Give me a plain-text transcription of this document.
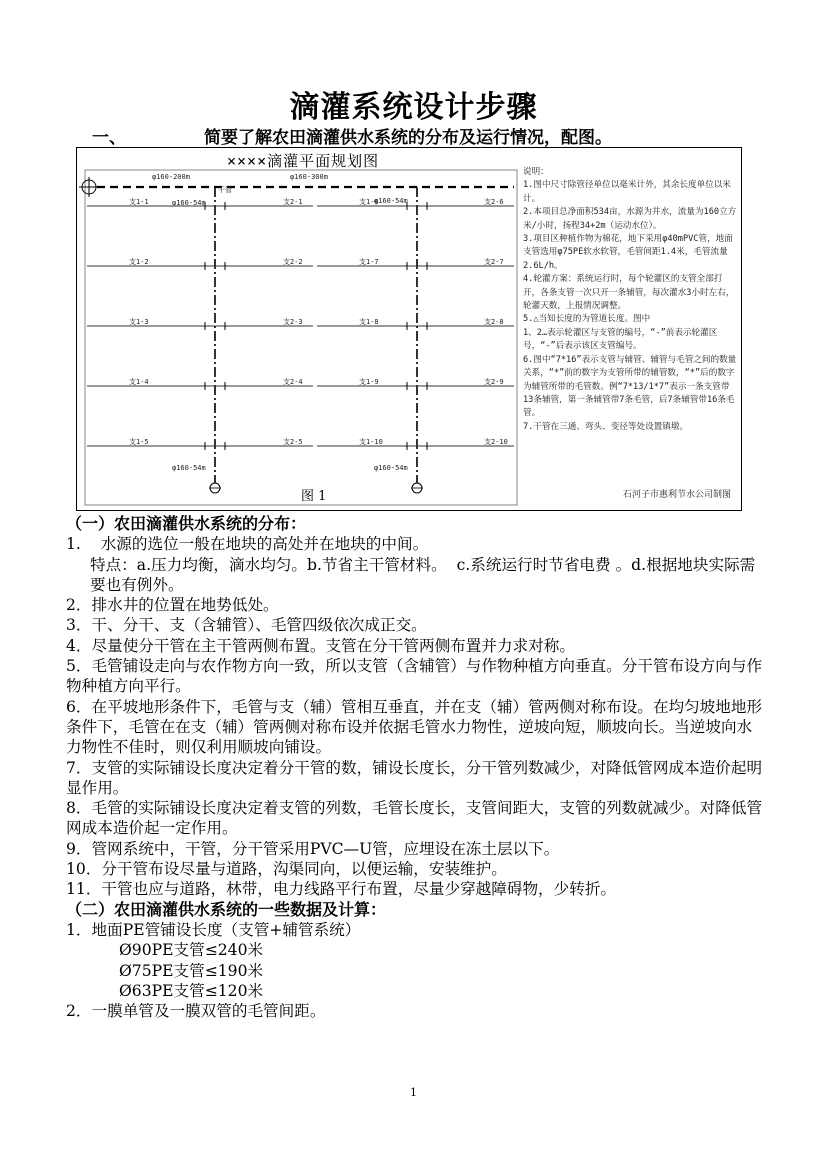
滴灌系统设计步骤
一、	简要了解农田滴灌供水系统的分布及运行情况，配图。
φ160-200m	φ160-300m
干管
φ160-54m	φ160-54m
φ160-54m	φ160-54m
支1-1	支2-1
支1-2	支2-2
支1-3	支2-3
支1-4	支2-4
支1-5	支2-5
支1-6	支2-6
支1-7	支2-7
支1-8	支2-8
支1-9	支2-9
支1-10	支2-10
图 1
××××滴灌平面规划图

说明：

1.图中尺寸除管径单位以毫米计外，其余长度单位以米计。

2.本项目总净面积534亩，水源为井水，流量为160立方米/小时，扬程34+2m（运动水位）。

3.项目区种植作物为棉花，地下采用φ40mPVC管，地面支管选用φ75PE软水软管，毛管间距1.4米，毛管流量2.6L/h。

4.轮灌方案：系统运行时，每个轮灌区的支管全部打开，各条支管一次只开一条辅管，每次灌水3小时左右，轮灌天数，上报情况调整。

5.△当知长度的为管道长度。图中

1、2…表示轮灌区与支管的编号，“-”前表示轮灌区号，“-”后表示该区支管编号。

6.图中“7*16”表示支管与辅管、辅管与毛管之间的数量关系，“*”前的数字为支管所带的辅管数，“*”后的数字为辅管所带的毛管数。例“7*13/1*7”表示一条支管带13条辅管，第一条辅管带7条毛管，后7条辅管带16条毛管。

7.干管在三通、弯头、变径等处设置镇墩。

石河子市惠利节水公司制图

（一）农田滴灌供水系统的分布：

1.    水源的选位一般在地块的高处并在地块的中间。

特点：a.压力均衡，滴水均匀。b.节省主干管材料。  c.系统运行时节省电费 。d.根据地块实际需要也有例外。

2．排水井的位置在地势低处。

3．干、分干、支（含辅管）、毛管四级依次成正交。

4．尽量使分干管在主干管两侧布置。支管在分干管两侧布置并力求对称。

5．毛管铺设走向与农作物方向一致，所以支管（含辅管）与作物种植方向垂直。分干管布设方向与作物种植方向平行。

6．在平坡地形条件下，毛管与支（辅）管相互垂直，并在支（辅）管两侧对称布设。在均匀坡地地形条件下，毛管在在支（辅）管两侧对称布设并依据毛管水力物性，逆坡向短，顺坡向长。当逆坡向水力物性不佳时，则仅利用顺坡向铺设。

7．支管的实际铺设长度决定着分干管的数，铺设长度长，分干管列数减少，对降低管网成本造价起明显作用。

8．毛管的实际铺设长度决定着支管的列数，毛管长度长，支管间距大，支管的列数就减少。对降低管网成本造价起一定作用。

9．管网系统中，干管，分干管采用PVC—U管，应埋设在冻土层以下。

10．分干管布设尽量与道路，沟渠同向，以便运输，安装维护。

11．干管也应与道路，林带，电力线路平行布置，尽量少穿越障碍物，少转折。

（二）农田滴灌供水系统的一些数据及计算：

1．地面PE管铺设长度（支管+辅管系统）

Ø90PE支管≤240米

Ø75PE支管≤190米

Ø63PE支管≤120米

2．一膜单管及一膜双管的毛管间距。

1
